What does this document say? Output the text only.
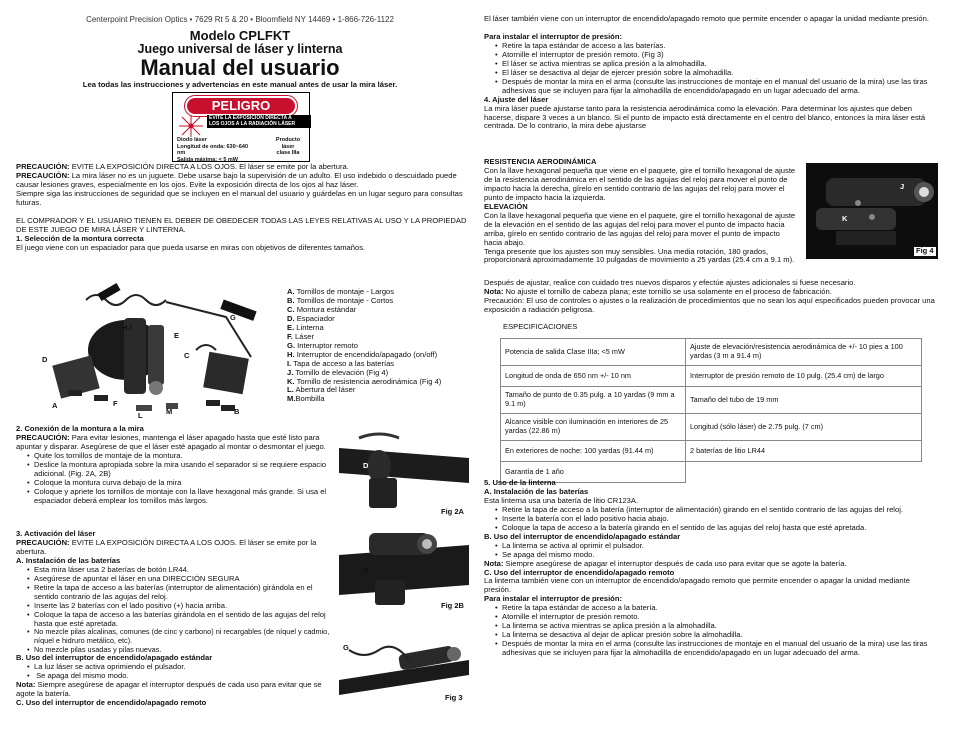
Centerpoint Precision Optics • 7629 Rt 5 & 20 • Bloomfield NY 14469 • 1-866-726-1122
Modelo CPLFKT
Juego universal de láser y linterna
Manual del usuario
Lea todas las instrucciones y advertencias en este manual antes de usar la mira láser.
PELIGRO
EVITE LA EXPOSICIÓN DIRECTA A
LOS OJOS A LA RADIACIÓN LÁSER
Diodo láser
Longitud de onda: 630~640 nm
Salida máxima: < 5 mW
Producto
láser
clase IIIa

PRECAUCIÓN: EVITE LA EXPOSICIÓN DIRECTA A LOS OJOS. El láser se emite por la abertura.

PRECAUCIÓN: La mira láser no es un juguete. Debe usarse bajo la supervisión de un adulto. El uso indebido o descuidado puede causar lesiones graves, especialmente en los ojos. Evite la exposición directa de los ojos al haz láser.

Siempre siga las instrucciones de seguridad que se incluyen en el manual del usuario y guárdelas en un lugar seguro para consultas futuras.

EL COMPRADOR Y EL USUARIO TIENEN EL DEBER DE OBEDECER TODAS LAS LEYES RELATIVAS AL USO Y LA PROPIEDAD DE ESTE JUEGO DE MIRA LÁSER Y LINTERNA.

1. Selección de la montura correcta

El juego viene con un espaciador para que pueda usarse en miras con objetivos de diferentes tamaños.

G
H,I
E
C
D
A	F
L	M	B
A. Tornillos de montaje - Largos
B. Tornillos de montaje - Cortos
C. Montura estándar
D. Espaciador
E. Linterna
F. Láser
G. Interruptor remoto
H. Interruptor de encendido/apagado (on/off)
I. Tapa de acceso a las baterías
J. Tornillo de elevación (Fig 4)
K. Tornillo de resistencia aerodinámica (Fig 4)
L. Abertura del láser
M.Bombilla

2. Conexión de la montura a la mira

PRECAUCIÓN: Para evitar lesiones, mantenga el láser apagado hasta que esté listo para apuntar y disparar. Asegúrese de que el láser esté apagado al montar o desmontar el juego.

• Quite los tornillos de montaje de la montura.
• Deslice la montura apropiada sobre la mira usando el separador si se requiere espacio adicional. (Fig. 2A, 2B)
• Coloque la montura curva debajo de la mira
• Coloque y apriete los tornillos de montaje con la llave hexagonal más grande. Si usa el espaciador deberá emplear los tornillos más largos.

3. Activación del láser

PRECAUCIÓN: EVITE LA EXPOSICIÓN DIRECTA A LOS OJOS. El láser se emite por la abertura.

A. Instalación de las baterías

• Esta mira láser usa 2 baterías de botón LR44.
• Asegúrese de apuntar el láser en una DIRECCIÓN SEGURA
• Retire la tapa de acceso a las baterías (interruptor de alimentación) girándola en el sentido contrario de las agujas del reloj.
• Inserte las 2 baterías con el lado positivo (+) hacia arriba.
• Coloque la tapa de acceso a las baterías girándola en el sentido de las agujas del reloj hasta que esté apretada.
• No mezcle pilas alcalinas, comunes (de cinc y carbono) ni recargables (de níquel y cadmio, níquel e hidruro metálico, etc).
• No mezcle pilas usadas y pilas nuevas.

B. Uso del interruptor de encendido/apagado estándar

• La luz láser se activa oprimiendo el pulsador.
• Se apaga del mismo modo.

Nota: Siempre asegúrese de apagar el interruptor después de cada uso para evitar que se agote la batería.

C. Uso del interruptor de encendido/apagado remoto

D
Fig 2A
D
Fig 2B
G
Fig 3

El láser también viene con un interruptor de encendido/apagado remoto que permite encender o apagar la unidad mediante presión.

Para instalar el interruptor de presión:

• Retire la tapa estándar de acceso a las baterías.
• Atornille el interruptor de presión remoto. (Fig 3)
• El láser se activa mientras se aplica presión a la almohadilla.
• El láser se desactiva al dejar de ejercer presión sobre la almohadilla.
• Después de montar la mira en el arma (consulte las instrucciones de montaje en el manual del usuario de la mira) use las tiras adhesivas que se incluyen para fijar la almohadilla de encendido/apagado en un lugar adecuado del arma.

4. Ajuste del láser

La mira láser puede ajustarse tanto para la resistencia aerodinámica como la elevación. Para determinar los ajustes que deben hacerse, dispare 3 veces a un blanco. Si el punto de impacto está directamente en el centro del blanco, entonces la mira láser está centrada. De lo contrario, la mira debe ajustarse

RESISTENCIA AERODINÁMICA

Con la llave hexagonal pequeña que viene en el paquete, gire el tornillo hexagonal de ajuste de la resistencia aerodinámica en el sentido de las agujas del reloj para mover el punto de impacto hacia la derecha, gírelo en sentido contrario de las agujas del reloj para mover el punto de impacto hacia la izquierda.

ELEVACIÓN

Con la llave hexagonal pequeña que viene en el paquete, gire el tornillo hexagonal de ajuste de la elevación en el sentido de las agujas del reloj para mover el punto de impacto hacia arriba, gírelo en sentido contrario de las agujas del reloj para mover el punto de impacto hacia abajo.

Tenga presente que los ajustes son muy sensibles. Una media rotación, 180 grados, proporcionará aproximadamente 10 pulgadas de movimiento a 25 yardas (25.4 cm a 9.1 m).

Después de ajustar, realice con cuidado tres nuevos disparos y efectúe ajustes adicionales si fuese necesario.

Nota: No ajuste el tornillo de cabeza plana; este tornillo se usa solamente en el proceso de fabricación.

Precaución: El uso de controles o ajustes o la realización de procedimientos que no sean los aquí especificados pueden provocar una exposición a radiación peligrosa.

J
K
Fig 4
ESPECIFICACIONES
Potencia de salida Clase IIIa; <5 mW	Ajuste de elevación/resistencia aerodinámica de +/- 10 pies a 100 yardas (3 m a 91.4 m)
Longitud de onda de 650 nm +/- 10 nm	Interruptor de presión remoto de 10 pulg. (25.4 cm) de largo
Tamaño de punto de 0.35 pulg. a 10 yardas (9 mm a 9.1 m)	Tamaño del tubo de 19 mm
Alcance visible con iluminación en interiores de 25 yardas (22.86 m)	Longitud (sólo láser) de 2.75 pulg. (7 cm)
En exteriores de noche: 100 yardas (91.44 m)	2 baterías de litio LR44
Garantía de 1 año	

5. Uso de la linterna

A. Instalación de las baterías

Esta linterna usa una batería de litio CR123A.

• Retire la tapa de acceso a la batería (interruptor de alimentación) girando en el sentido contrario de las agujas del reloj.
• Inserte la batería con el lado positivo hacia abajo.
• Coloque la tapa de acceso a la batería girando en el sentido de las agujas del reloj hasta que esté apretada.

B. Uso del interruptor de encendido/apagado estándar

• La linterna se activa al oprimir el pulsador.
• Se apaga del mismo modo.

Nota: Siempre asegúrese de apagar el interruptor después de cada uso para evitar que se agote la batería.

C. Uso del interruptor de encendido/apagado remoto

La linterna también viene con un interruptor de encendido/apagado remoto que permite encender o apagar la unidad mediante presión.

Para instalar el interruptor de presión:

• Retire la tapa estándar de acceso a la batería.
• Atornille el interruptor de presión remoto.
• La linterna se activa mientras se aplica presión a la almohadilla.
• La linterna se desactiva al dejar de aplicar presión sobre la almohadilla.
• Después de montar la mira en el arma (consulte las instrucciones de montaje en el manual del usuario de la mira) use las tiras adhesivas que se incluyen para fijar la almohadilla de encendido/apagado en un lugar adecuado del arma.
